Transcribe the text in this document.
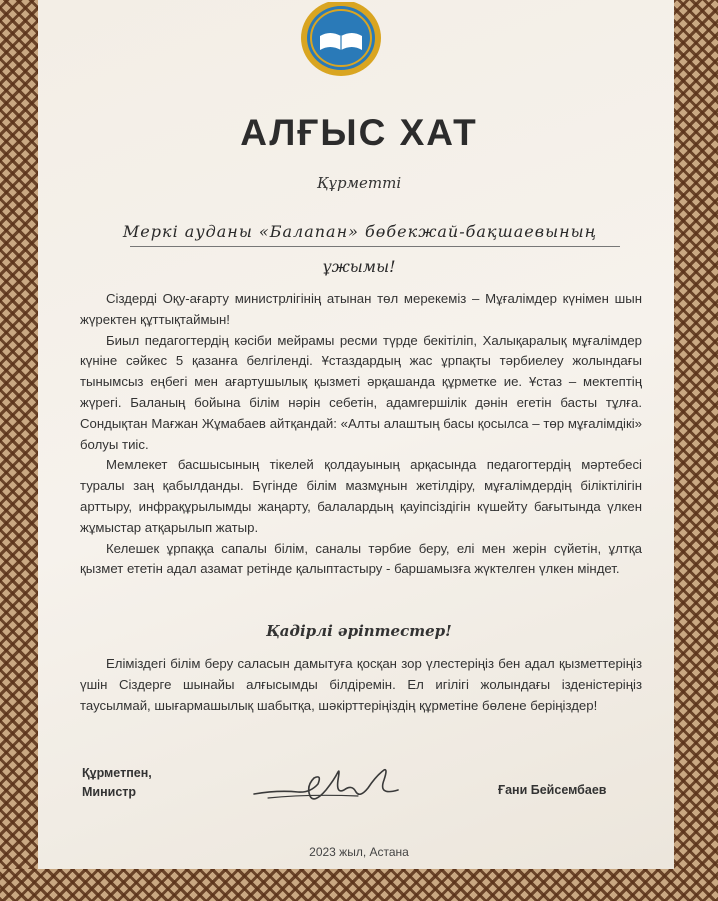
АЛҒЫС ХАТ
Құрметті
Меркі ауданы «Балапан» бөбекжай-бақшаевының
ұжымы!

Сіздерді Оқу-ағарту министрлігінің атынан төл мерекеміз – Мұғалімдер күнімен шын жүректен құттықтаймын!

Биыл педагогтердің кәсіби мейрамы ресми түрде бекітіліп, Халықаралық мұғалімдер күніне сәйкес 5 қазанға белгіленді. Ұстаздардың жас ұрпақты тәрбиелеу жолындағы тынымсыз еңбегі мен ағартушылық қызметі әрқашанда құрметке ие. Ұстаз – мектептің жүрегі. Баланың бойына білім нәрін себетін, адамгершілік дәнін егетін басты тұлға. Сондықтан Мағжан Жұмабаев айтқандай: «Алты алаштың басы қосылса – төр мұғалімдікі» болуы тиіс.

Мемлекет басшысының тікелей қолдауының арқасында педагогтердің мәртебесі туралы заң қабылданды. Бүгінде білім мазмұнын жетілдіру, мұғалімдердің біліктілігін арттыру, инфрақұрылымды жаңарту, балалардың қауіпсіздігін күшейту бағытында үлкен жұмыстар атқарылып жатыр.

Келешек ұрпаққа сапалы білім, саналы тәрбие беру, елі мен жерін сүйетін, ұлтқа қызмет ететін адал азамат ретінде қалыптастыру - баршамызға жүктелген үлкен міндет.

Қадірлі әріптестер!

Еліміздегі білім беру саласын дамытуға қосқан зор үлестеріңіз бен адал қызметтеріңіз үшін Сіздерге шынайы алғысымды білдіремін. Ел игілігі жолындағы ізденістеріңіз таусылмай, шығармашылық шабытқа, шәкірттеріңіздің құрметіне бөлене беріңіздер!

Құрметпен,
Министр	Ғани Бейсембаев
2023 жыл, Астана
